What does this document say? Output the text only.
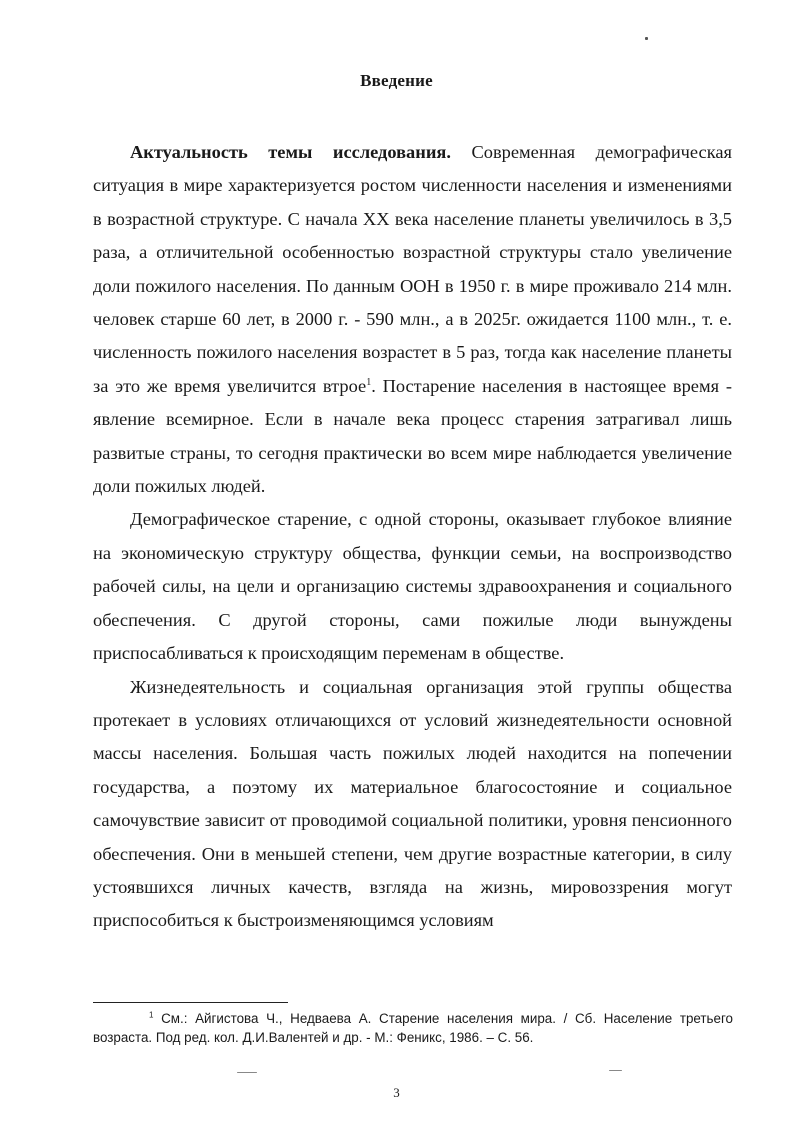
Введение

Актуальность темы исследования. Современная демографическая ситуация в мире характеризуется ростом численности населения и изменениями в возрастной структуре. С начала XX века население планеты увеличилось в 3,5 раза, а отличительной особенностью возрастной структуры стало увеличение доли пожилого населения. По данным ООН в 1950 г. в мире проживало 214 млн. человек старше 60 лет, в 2000 г. - 590 млн., а в 2025г. ожидается 1100 млн., т. е. численность пожилого населения возрастет в 5 раз, тогда как население планеты за это же время увеличится втрое$^1$. Постарение населения в настоящее время - явление всемирное. Если в начале века процесс старения затрагивал лишь развитые страны, то сегодня практически во всем мире наблюдается увеличение доли пожилых людей.

Демографическое старение, с одной стороны, оказывает глубокое влияние на экономическую структуру общества, функции семьи, на воспроизводство рабочей силы, на цели и организацию системы здравоохранения и социального обеспечения. С другой стороны, сами пожилые люди вынуждены приспосабливаться к происходящим переменам в обществе.

Жизнедеятельность и социальная организация этой группы общества протекает в условиях отличающихся от условий жизнедеятельности основной массы населения. Большая часть пожилых людей находится на попечении государства, а поэтому их материальное благосостояние и социальное самочувствие зависит от проводимой социальной политики, уровня пенсионного обеспечения. Они в меньшей степени, чем другие возрастные категории, в силу устоявшихся личных качеств, взгляда на жизнь, мировоззрения могут приспособиться к быстроизменяющимся условиям

$^1$ См.: Айгистова Ч., Недваева А. Старение населения мира. / Сб. Население третьего возраста. Под ред. кол. Д.И.Валентей и др. - М.: Феникс, 1986. – С. 56.
3
